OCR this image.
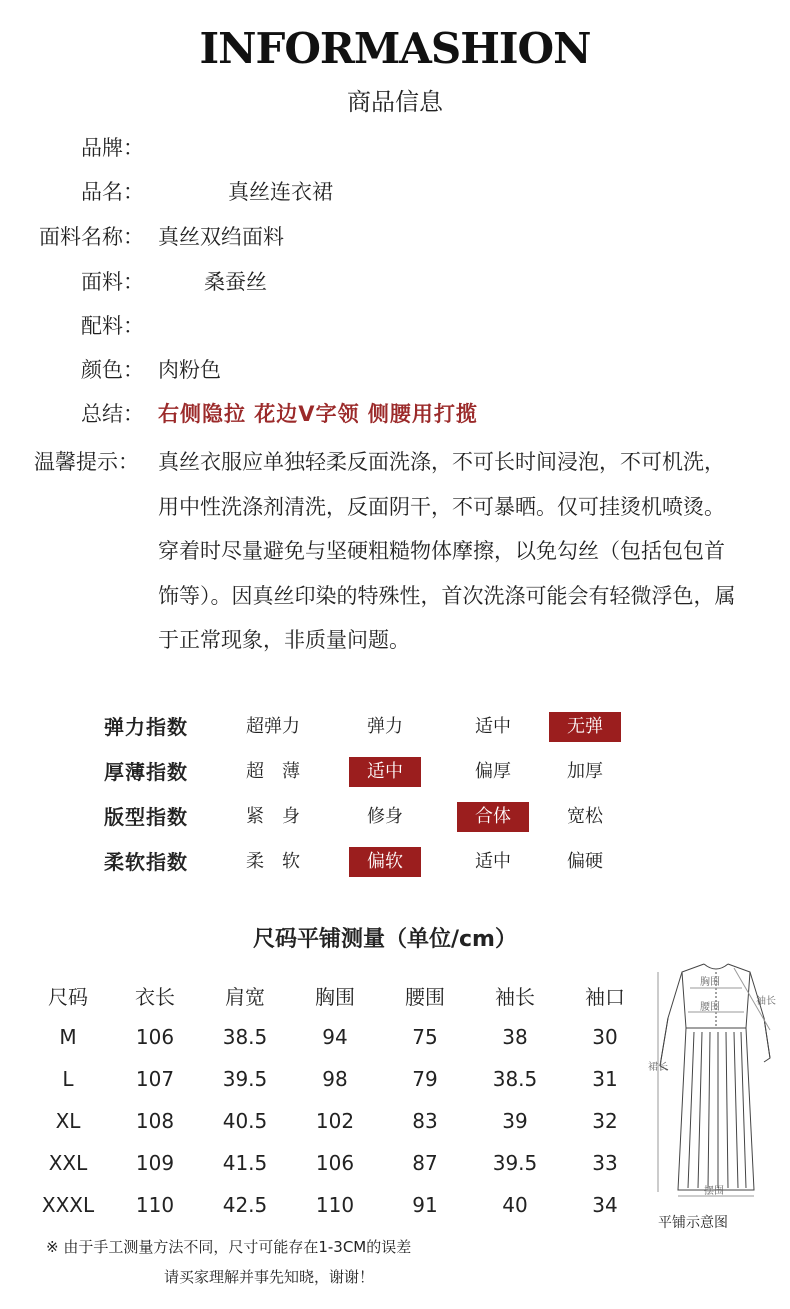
INFORMASHION
商品信息
品牌：
品名：	真丝连衣裙
面料名称： 真丝双绉面料
面料：	桑蚕丝
配料：
颜色： 肉粉色
总结： 右侧隐拉 花边V字领 侧腰用打揽
温馨提示： 真丝衣服应单独轻柔反面洗涤，不可长时间浸泡，不可机洗，用中性洗涤剂清洗，反面阴干，不可暴晒。仅可挂烫机喷烫。穿着时尽量避免与坚硬粗糙物体摩擦，以免勾丝（包括包包首饰等）。因真丝印染的特殊性，首次洗涤可能会有轻微浮色，属于正常现象，非质量问题。
弹力指数	超弹力	弹力	适中	无弹
厚薄指数	超　薄	适中	偏厚	加厚
版型指数	紧　身	修身	合体	宽松
柔软指数	柔　软	偏软	适中	偏硬
尺码平铺测量（单位/cm）
尺码	衣长	肩宽	胸围	腰围	袖长	袖口
M	106	38.5	94	75	38	30
L	107	39.5	98	79	38.5	31
XL	108	40.5	102	83	39	32
XXL	109	41.5	106	87	39.5	33
XXXL	110	42.5	110	91	40	34
胸围
腰围
袖长
裙长
摆围
平铺示意图
※ 由于手工测量方法不同，尺寸可能存在1-3CM的误差
请买家理解并事先知晓，谢谢！
